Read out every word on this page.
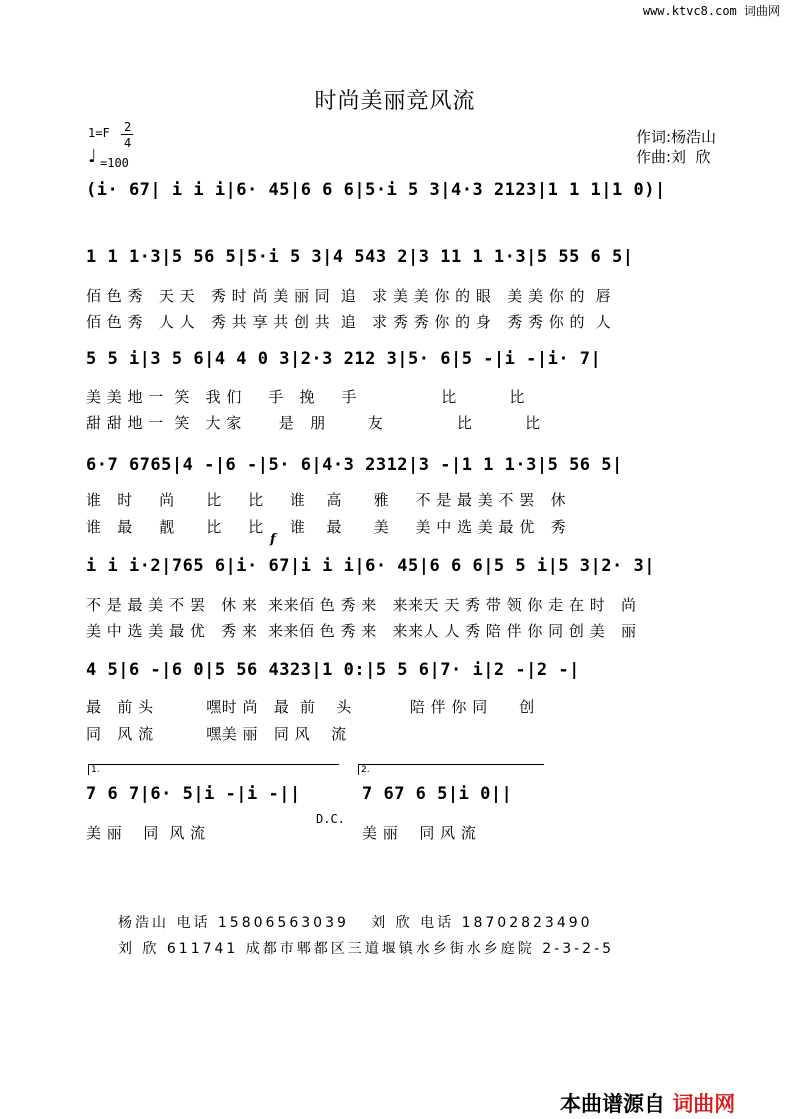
www.ktvc8.com 词曲网
时尚美丽竞风流
1=F 2
4
♩ =100
作词:杨浩山
作曲:刘  欣
(i· 67| i i i|6· 45|6 6 6|5·i 5 3|4·3 2123|1 1 1|1 0)|
1 1 1·3|5 56 5|5·i 5 3|4 543 2|3 11 1 1·3|5 55 6 5|
佰 色 秀   天 天   秀 时 尚 美 丽 同  追   求 美 美 你 的 眼   美 美 你 的  唇
佰 色 秀   人 人   秀 共 享 共 创 共  追   求 秀 秀 你 的 身   秀 秀 你 的  人
5 5 i|3 5 6|4 4 0 3|2·3 212 3|5· 6|5 -|i -|i· 7|
美 美 地 一  笑   我 们     手   挽     手                比          比
甜 甜 地 一  笑   大 家       是   朋        友              比          比
6·7 6765|4 -|6 -|5· 6|4·3 2312|3 -|1 1 1·3|5 56 5|
谁   时     尚      比     比     谁    高      雅     不 是 最 美 不 罢   休
谁   最     靓      比     比     谁    最      美     美 中 选 美 最 优   秀
f
i i i·2|765 6|i· 67|i i i|6· 45|6 6 6|5 5 i|5 3|2· 3|
不 是 最 美 不 罢   休 来  来来佰 色 秀 来   来来天 天 秀 带 领 你 走 在 时   尚
美 中 选 美 最 优   秀 来  来来佰 色 秀 来   来来人 人 秀 陪 伴 你 同 创 美   丽
4 5|6 -|6 0|5 56 4323|1 0:|5 5 6|7· i|2 -|2 -|
最   前 头          嘿时 尚   最  前    头           陪 伴 你 同      创
同   风 流          嘿美 丽   同 风    流
1.	2.
7 6 7|6· 5|i -|i -||	7 67 6 5|i 0||
D.C.
美 丽    同  风 流	美 丽    同 风 流
杨浩山 电话 15806563039   刘 欣 电话 18702823490
刘 欣 611741 成都市郫都区三道堰镇水乡街水乡庭院 2-3-2-5
本曲谱源自 词曲网
